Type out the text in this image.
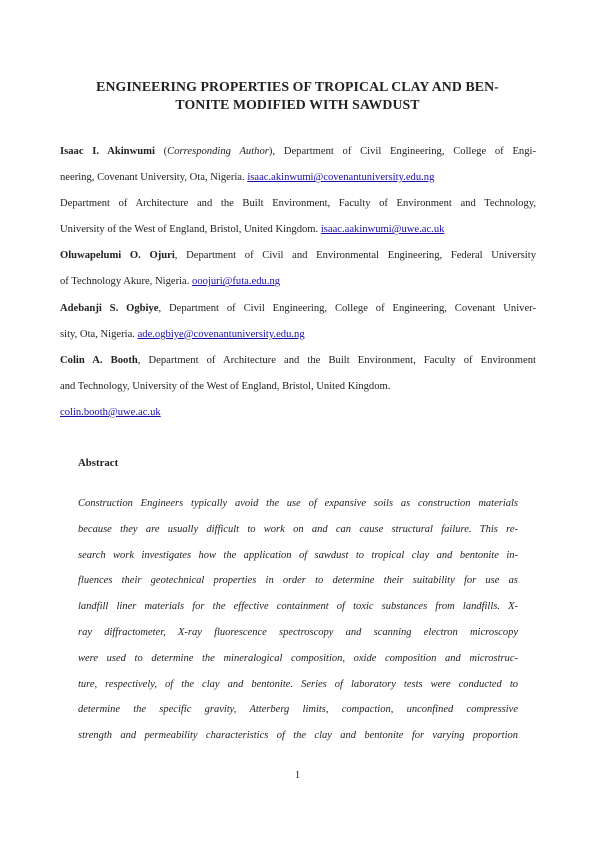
ENGINEERING PROPERTIES OF TROPICAL CLAY AND BEN-
TONITE MODIFIED WITH SAWDUST
Isaac I. Akinwumi (Corresponding Author), Department of Civil Engineering, College of Engi-
neering, Covenant University, Ota, Nigeria. isaac.akinwumi@covenantuniversity.edu.ng
Department of Architecture and the Built Environment, Faculty of Environment and Technology,
University of the West of England, Bristol, United Kingdom. isaac.aakinwumi@uwe.ac.uk
Oluwapelumi O. Ojuri, Department of Civil and Environmental Engineering, Federal University
of Technology Akure, Nigeria. ooojuri@futa.edu.ng
Adebanji S. Ogbiye, Department of Civil Engineering, College of Engineering, Covenant Univer-
sity, Ota, Nigeria. ade.ogbiye@covenantuniversity.edu.ng
Colin A. Booth, Department of Architecture and the Built Environment, Faculty of Environment
and Technology, University of the West of England, Bristol, United Kingdom.
colin.booth@uwe.ac.uk
Abstract
Construction Engineers typically avoid the use of expansive soils as construction materials
because they are usually difficult to work on and can cause structural failure. This re-
search work investigates how the application of sawdust to tropical clay and bentonite in-
fluences their geotechnical properties in order to determine their suitability for use as
landfill liner materials for the effective containment of toxic substances from landfills. X-
ray diffractometer, X-ray fluorescence spectroscopy and scanning electron microscopy
were used to determine the mineralogical composition, oxide composition and microstruc-
ture, respectively, of the clay and bentonite. Series of laboratory tests were conducted to
determine the specific gravity, Atterberg limits, compaction, unconfined compressive
strength and permeability characteristics of the clay and bentonite for varying proportion
1
